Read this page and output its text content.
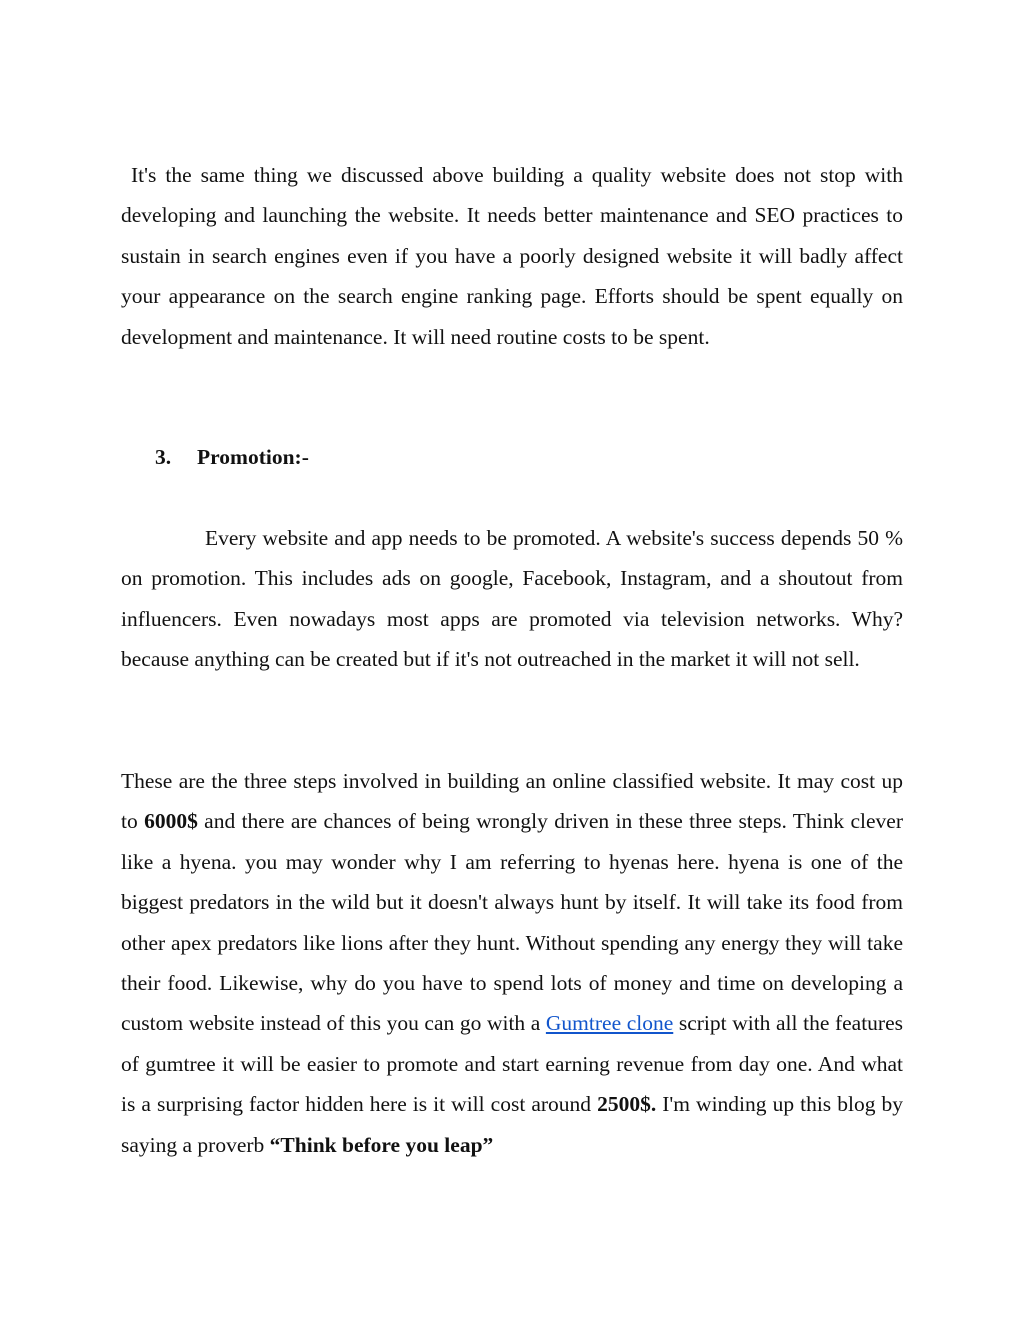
It's the same thing we discussed above building a quality website does not stop with developing and launching the website. It needs better maintenance and SEO practices to sustain in search engines even if you have a poorly designed website it will badly affect your appearance on the search engine ranking page. Efforts should be spent equally on development and maintenance. It will need routine costs to be spent.

3. Promotion:-

Every website and app needs to be promoted. A website's success depends 50 % on promotion. This includes ads on google, Facebook, Instagram, and a shoutout from influencers. Even nowadays most apps are promoted via television networks. Why? because anything can be created but if it's not outreached in the market it will not sell.

These are the three steps involved in building an online classified website. It may cost up to 6000$ and there are chances of being wrongly driven in these three steps. Think clever like a hyena. you may wonder why I am referring to hyenas here. hyena is one of the biggest predators in the wild but it doesn't always hunt by itself. It will take its food from other apex predators like lions after they hunt. Without spending any energy they will take their food. Likewise, why do you have to spend lots of money and time on developing a custom website instead of this you can go with a Gumtree clone script with all the features of gumtree it will be easier to promote and start earning revenue from day one. And what is a surprising factor hidden here is it will cost around 2500$. I'm winding up this blog by saying a proverb “Think before you leap”
